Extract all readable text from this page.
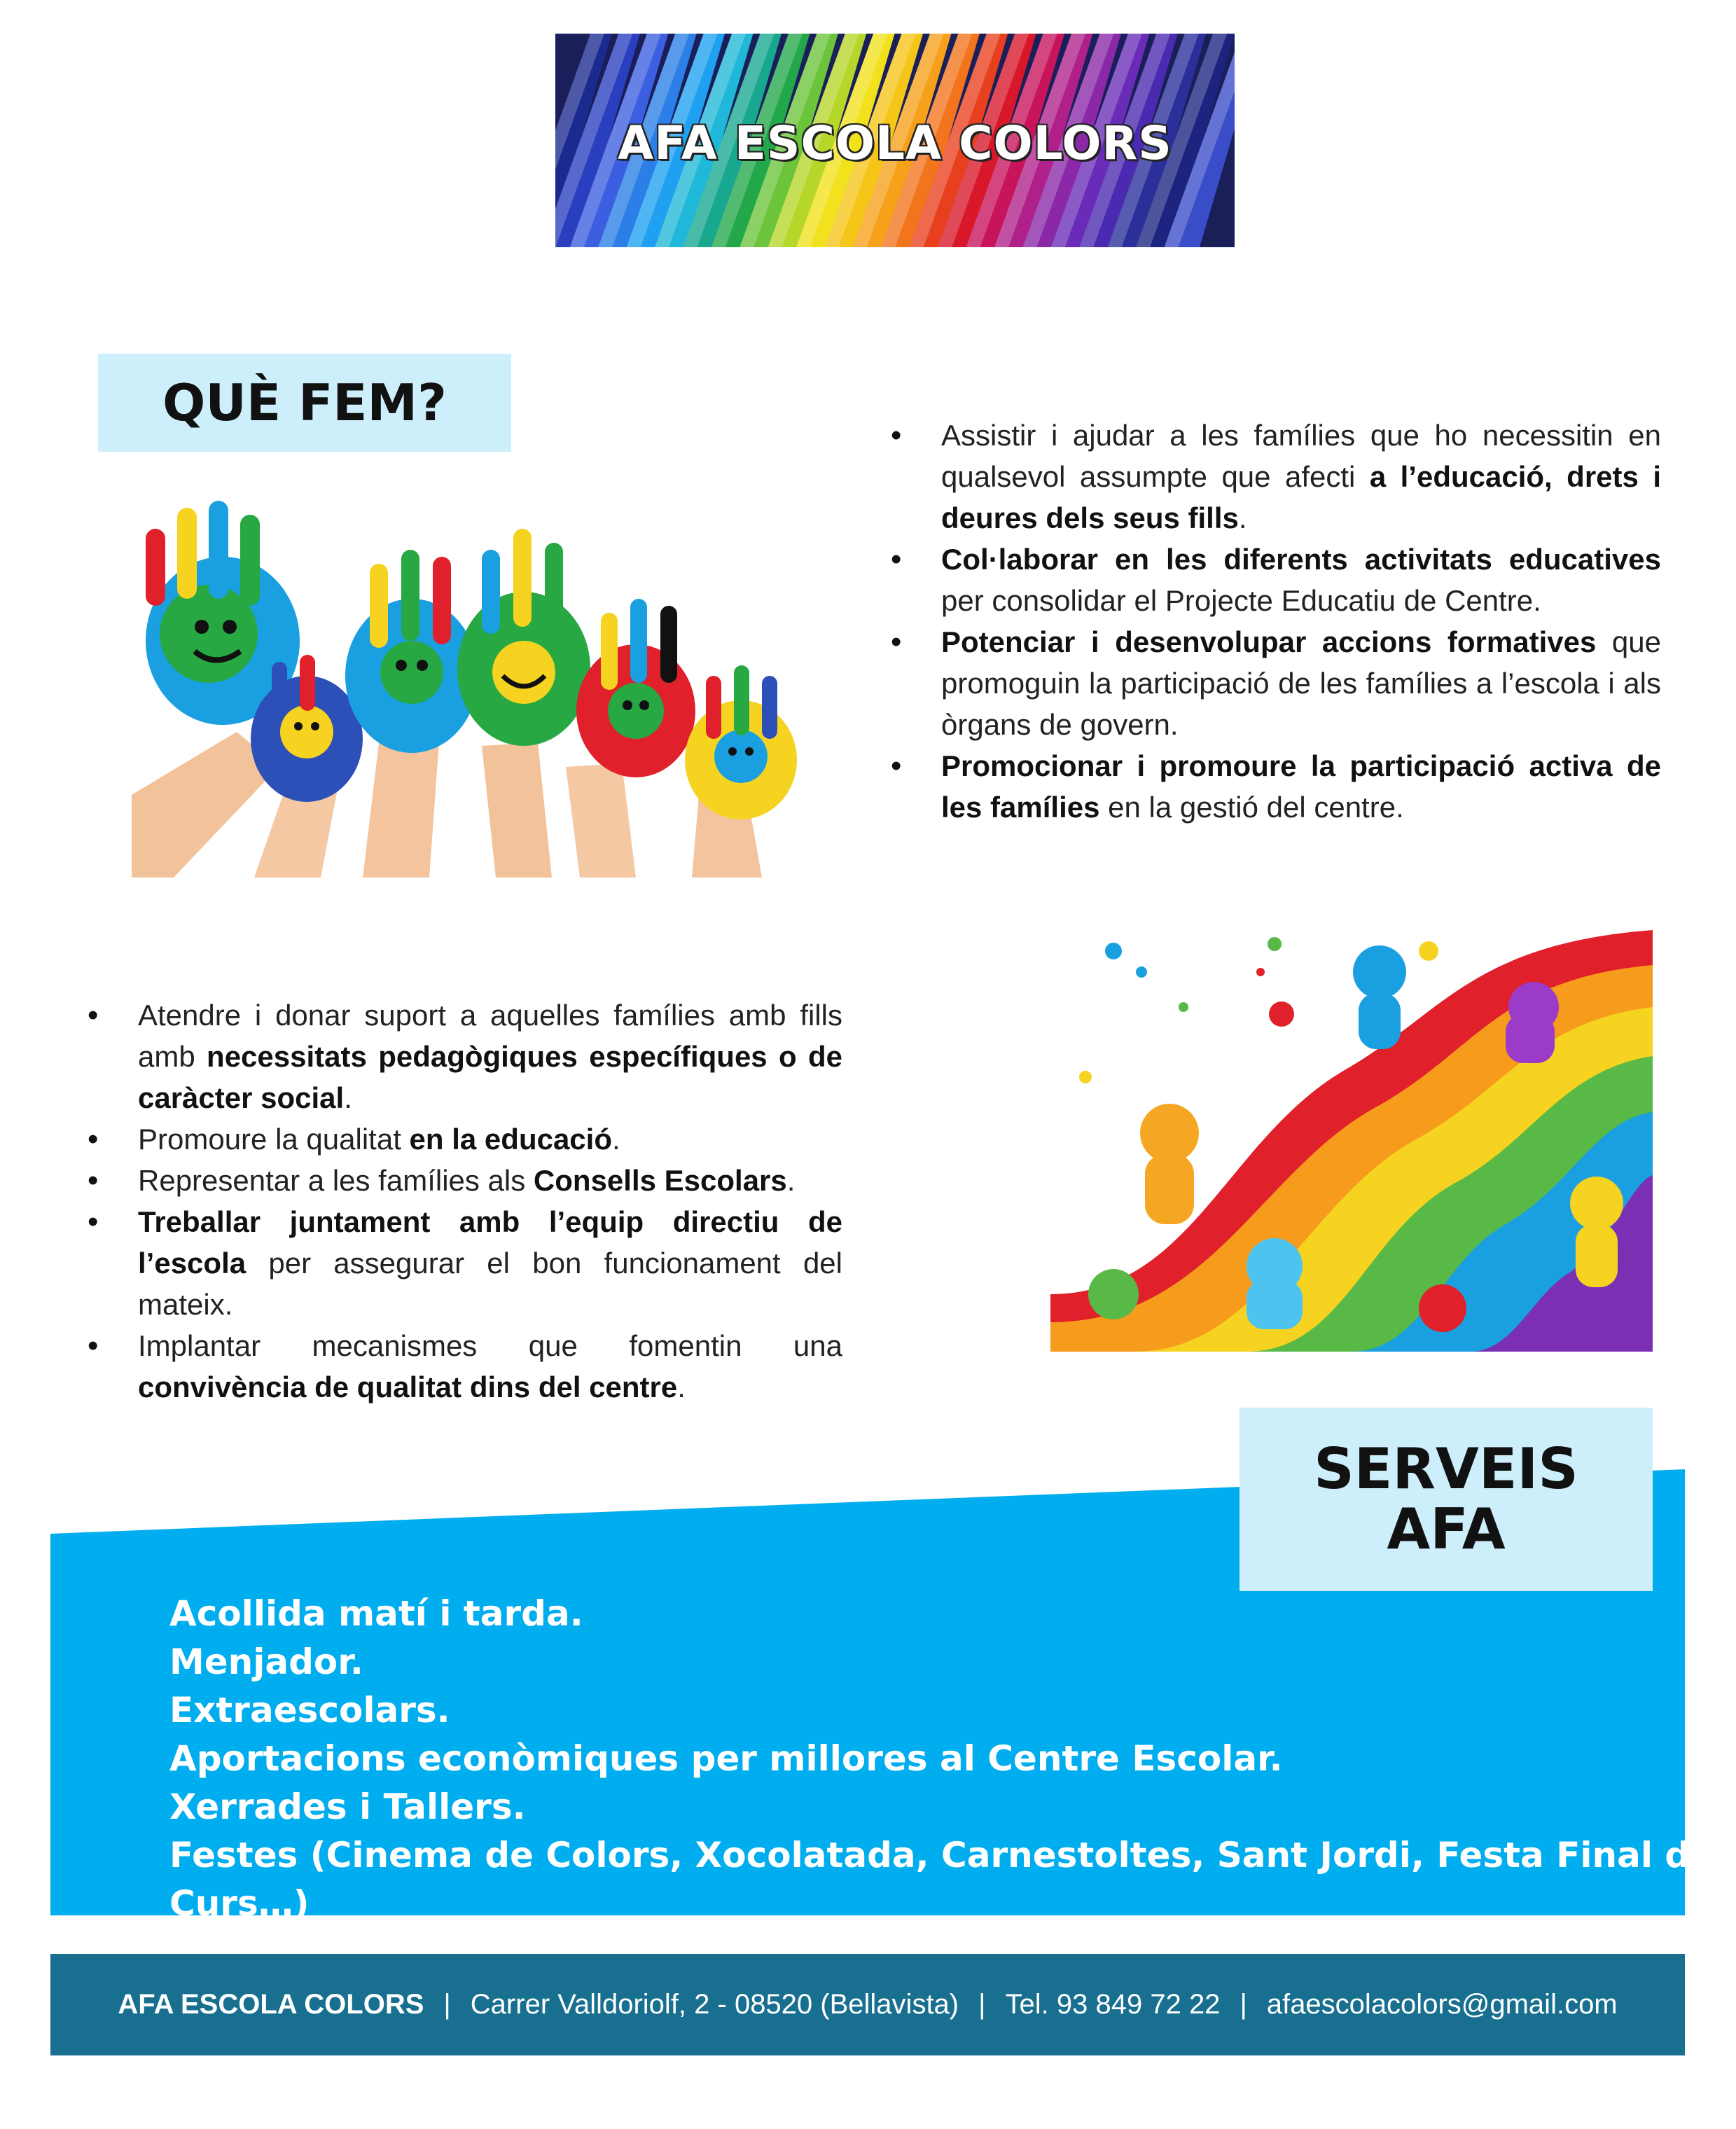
AFA ESCOLA COLORS
QUÈ FEM?
• Assistir i ajudar a les famílies que ho necessitin en qualsevol assumpte que afecti a l’educació, drets i deures dels seus fills.
• Col·laborar en les diferents activitats educatives per consolidar el Projecte Educatiu de Centre.
• Potenciar i desenvolupar accions formatives que promoguin la participació de les famílies a l’escola i als òrgans de govern.
• Promocionar i promoure la participació activa de les famílies en la gestió del centre.
• Atendre i donar suport a aquelles famílies amb fills amb necessitats pedagògiques específiques o de caràcter social.
• Promoure la qualitat en la educació.
• Representar a les famílies als Consells Escolars.
• Treballar juntament amb l’equip directiu de l’escola per assegurar el bon funcionament del mateix.
• Implantar mecanismes que fomentin una convivència de qualitat dins del centre.
SERVEIS
AFA
Acollida matí i tarda.
Menjador.
Extraescolars.
Aportacions econòmiques per millores al Centre Escolar.
Xerrades i Tallers.
Festes (Cinema de Colors, Xocolatada, Carnestoltes, Sant Jordi, Festa Final de Curs…)
AFA ESCOLA COLORS | Carrer Valldoriolf, 2 - 08520 (Bellavista) | Tel. 93 849 72 22 | afaescolacolors@gmail.com
